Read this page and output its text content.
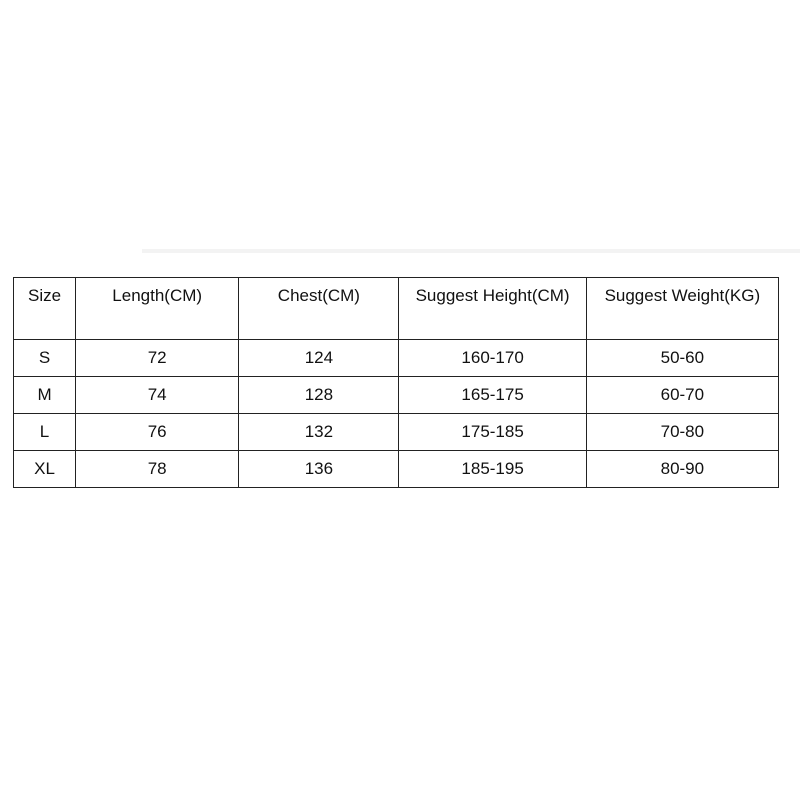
Size	Length(CM)	Chest(CM)	Suggest Height(CM)	Suggest Weight(KG)
S	72	124	160-170	50-60
M	74	128	165-175	60-70
L	76	132	175-185	70-80
XL	78	136	185-195	80-90
